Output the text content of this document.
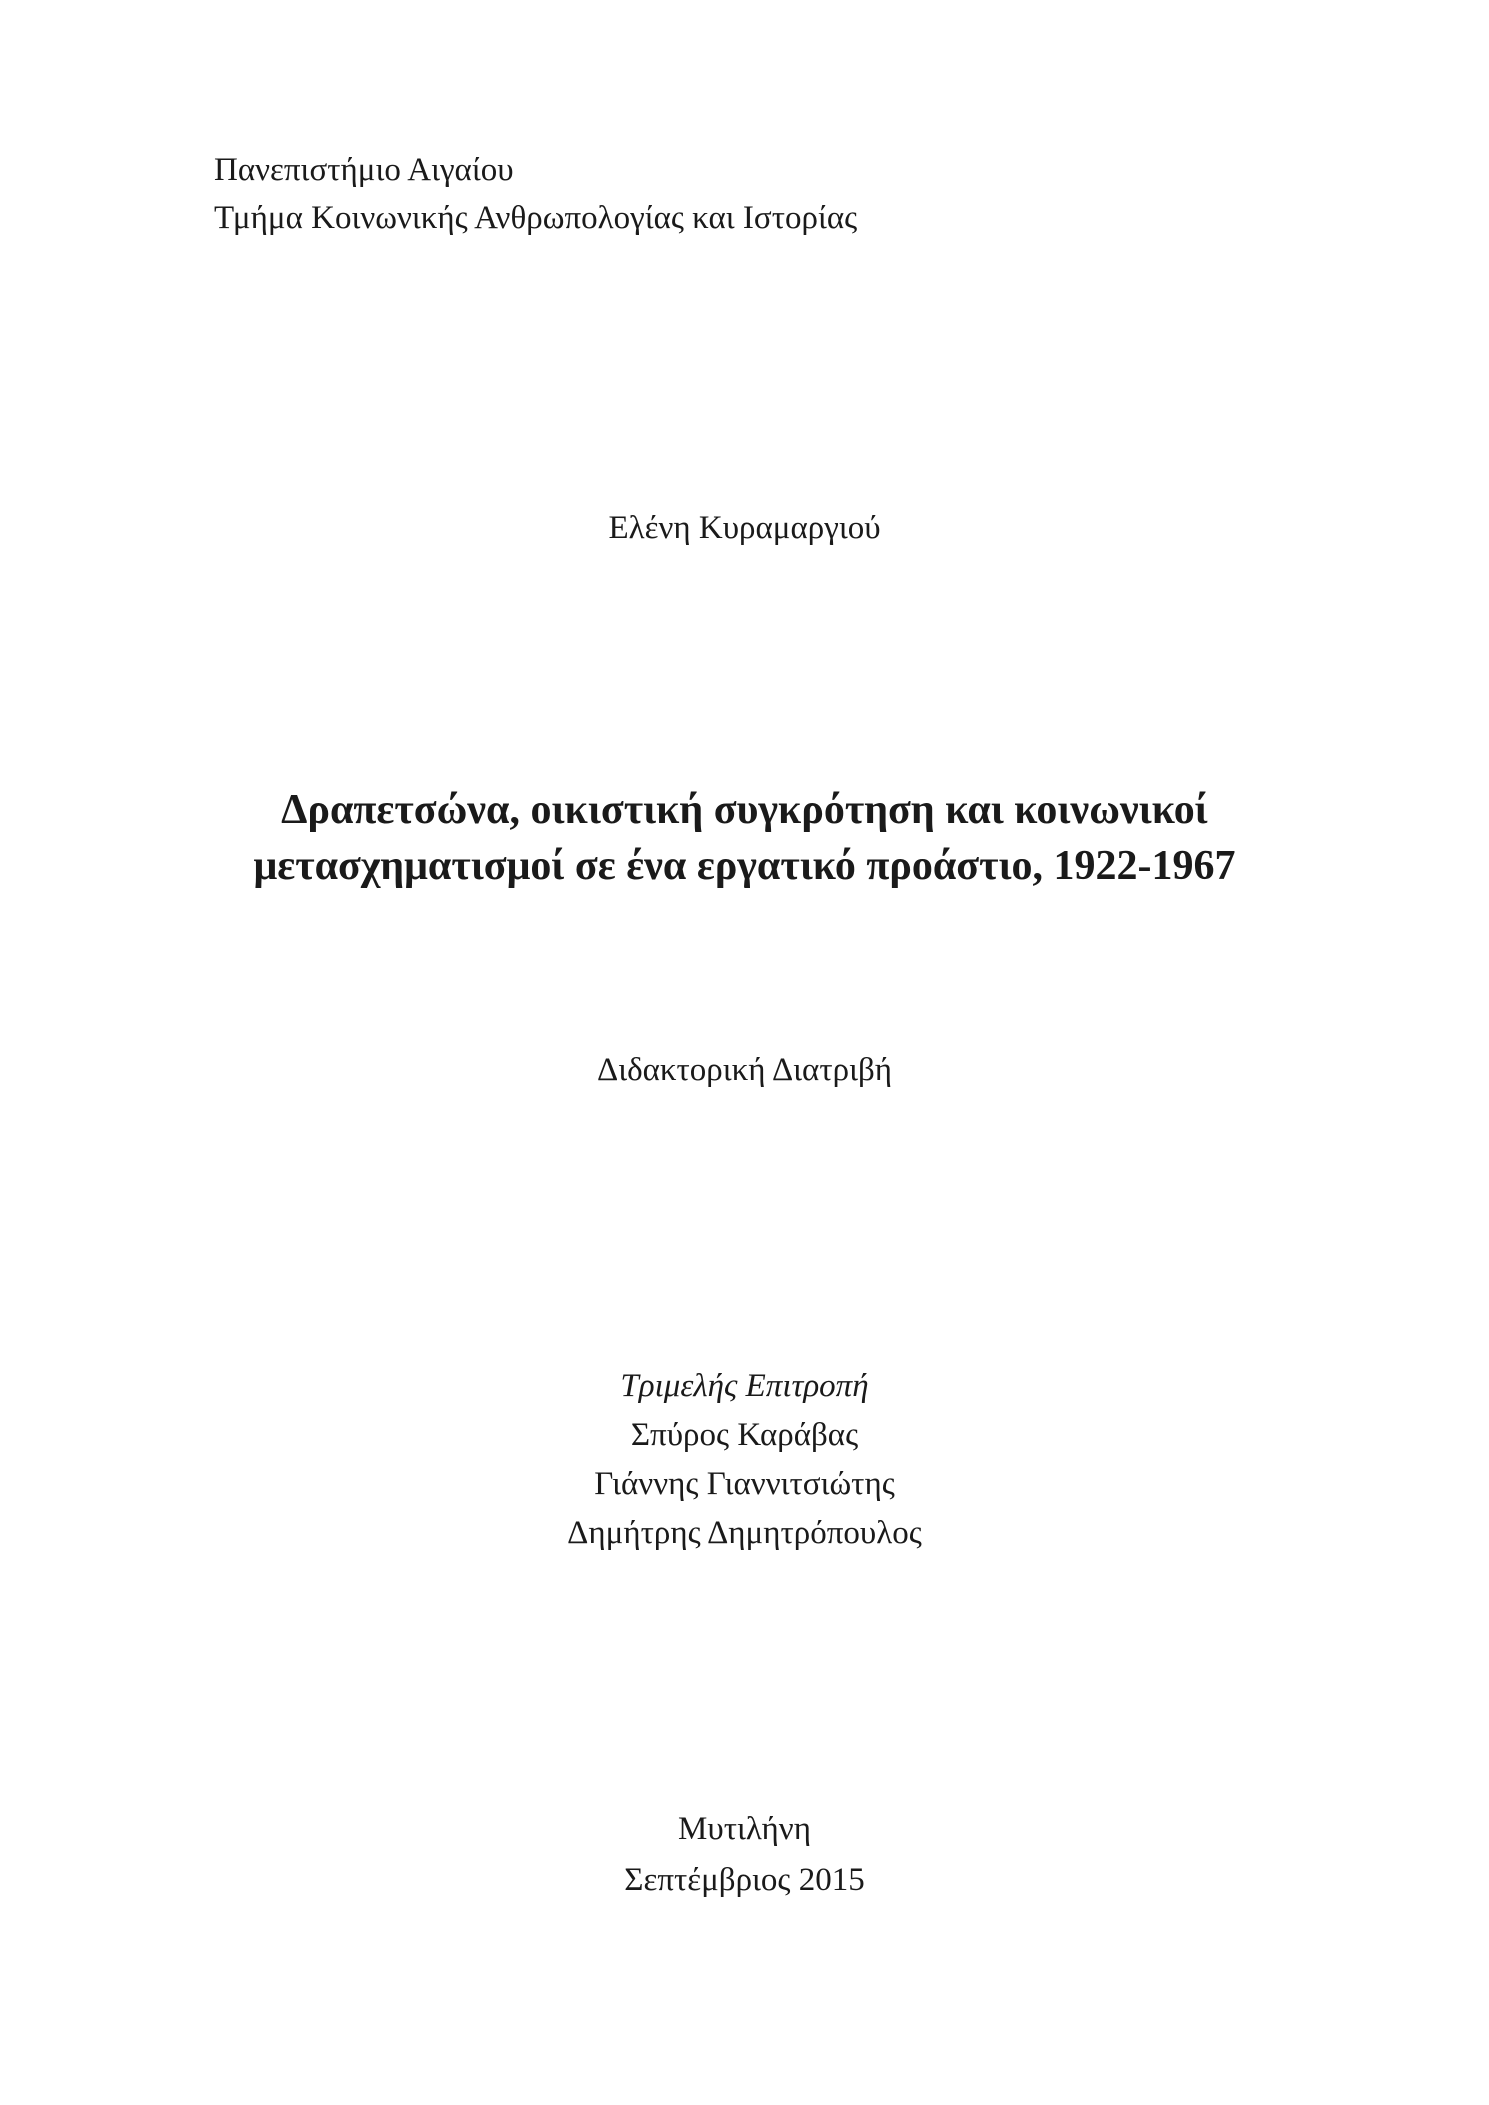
Πανεπιστήμιο Αιγαίου
Τμήμα Κοινωνικής Ανθρωπολογίας και Ιστορίας
Ελένη Κυραμαργιού
Δραπετσώνα, οικιστική συγκρότηση και κοινωνικοί
μετασχηματισμοί σε ένα εργατικό προάστιο, 1922-1967
Διδακτορική Διατριβή
Τριμελής Επιτροπή
Σπύρος Καράβας
Γιάννης Γιαννιτσιώτης
Δημήτρης Δημητρόπουλος
Μυτιλήνη
Σεπτέμβριος 2015
